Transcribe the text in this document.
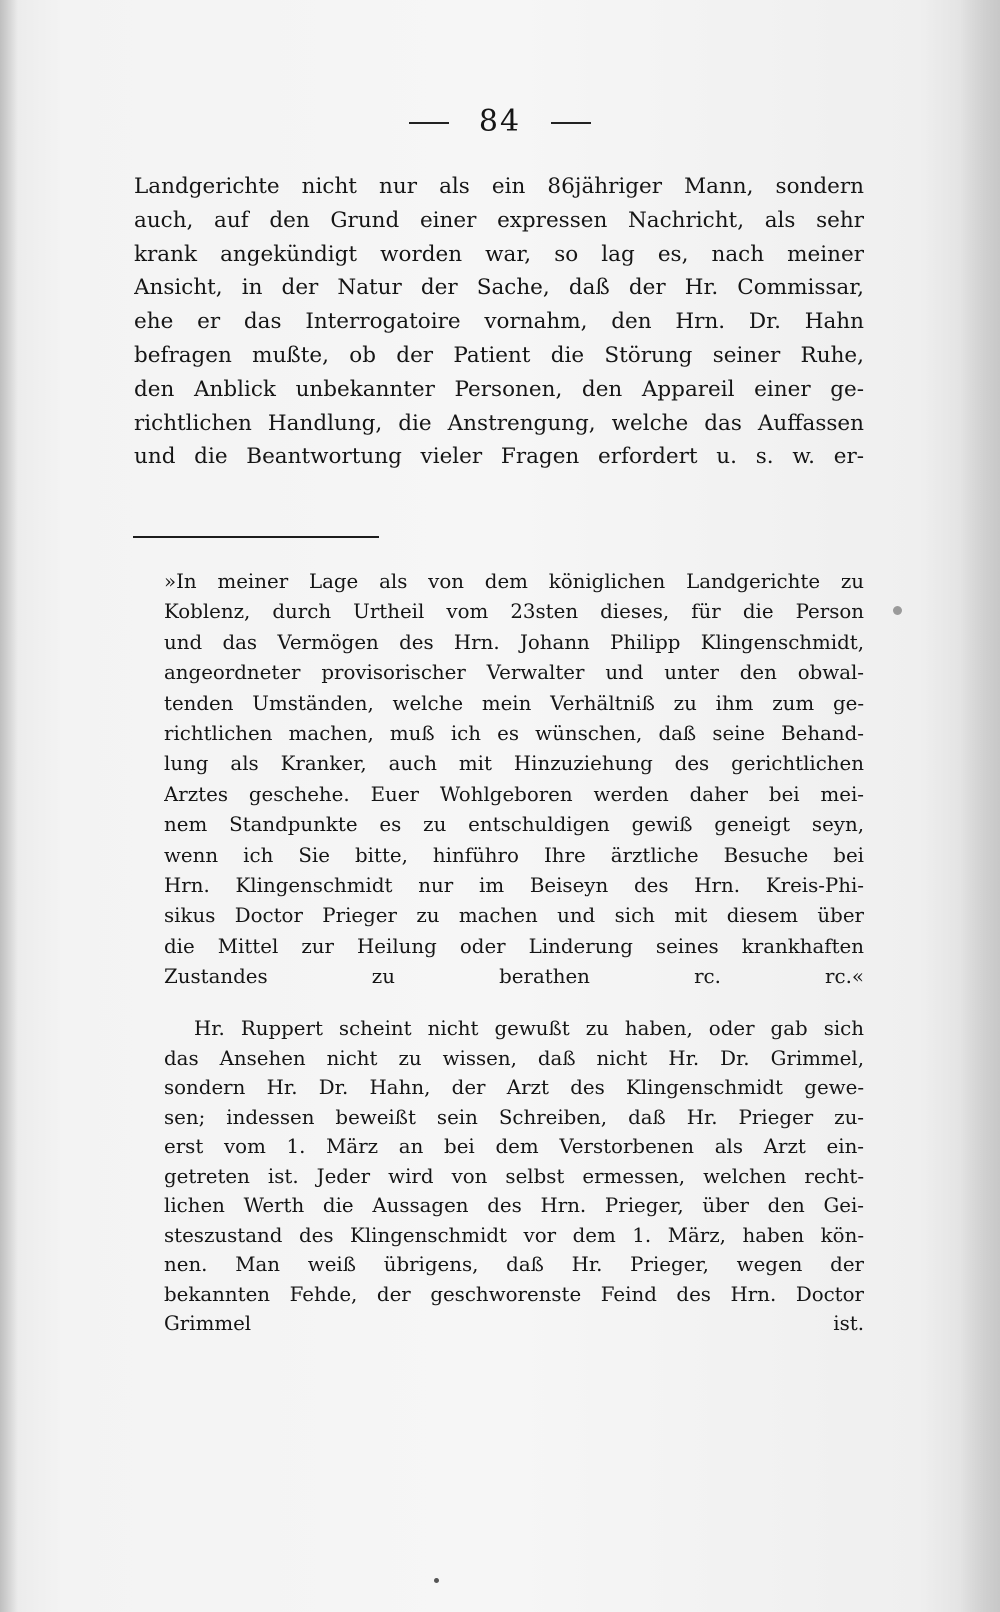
84
Landgerichte nicht nur als ein 86jähriger Mann, sondern
auch, auf den Grund einer expressen Nachricht, als sehr
krank angekündigt worden war, so lag es, nach meiner
Ansicht, in der Natur der Sache, daß der Hr. Commissar,
ehe er das Interrogatoire vornahm, den Hrn. Dr. Hahn
befragen mußte, ob der Patient die Störung seiner Ruhe,
den Anblick unbekannter Personen, den Appareil einer ge-
richtlichen Handlung, die Anstrengung, welche das Auffassen
und die Beantwortung vieler Fragen erfordert u. s. w. er-
»In meiner Lage als von dem königlichen Landgerichte zu
Koblenz, durch Urtheil vom 23sten dieses, für die Person
und das Vermögen des Hrn. Johann Philipp Klingenschmidt,
angeordneter provisorischer Verwalter und unter den obwal-
tenden Umständen, welche mein Verhältniß zu ihm zum ge-
richtlichen machen, muß ich es wünschen, daß seine Behand-
lung als Kranker, auch mit Hinzuziehung des gerichtlichen
Arztes geschehe. Euer Wohlgeboren werden daher bei mei-
nem Standpunkte es zu entschuldigen gewiß geneigt seyn,
wenn ich Sie bitte, hinführo Ihre ärztliche Besuche bei
Hrn. Klingenschmidt nur im Beiseyn des Hrn. Kreis-Phi-
sikus Doctor Prieger zu machen und sich mit diesem über
die Mittel zur Heilung oder Linderung seines krankhaften
Zustandes zu berathen rc. rc.«
Hr. Ruppert scheint nicht gewußt zu haben, oder gab sich
das Ansehen nicht zu wissen, daß nicht Hr. Dr. Grimmel,
sondern Hr. Dr. Hahn, der Arzt des Klingenschmidt gewe-
sen; indessen beweißt sein Schreiben, daß Hr. Prieger zu-
erst vom 1. März an bei dem Verstorbenen als Arzt ein-
getreten ist. Jeder wird von selbst ermessen, welchen recht-
lichen Werth die Aussagen des Hrn. Prieger, über den Gei-
steszustand des Klingenschmidt vor dem 1. März, haben kön-
nen. Man weiß übrigens, daß Hr. Prieger, wegen der
bekannten Fehde, der geschworenste Feind des Hrn. Doctor
Grimmel ist.
